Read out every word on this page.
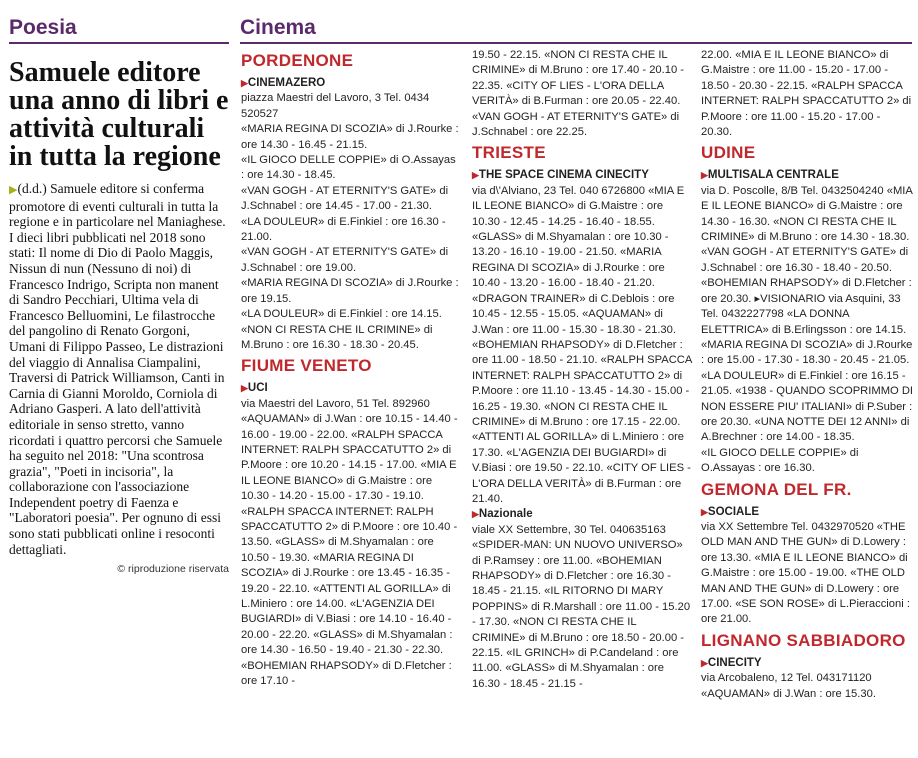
Poesia
Samuele editore una anno di libri e attività culturali in tutta la regione

▶(d.d.) Samuele editore si conferma promotore di eventi culturali in tutta la regione e in particolare nel Maniaghese. I dieci libri pubblicati nel 2018 sono stati: Il nome di Dio di Paolo Maggis, Nissun di nun (Nessuno di noi) di Francesco Indrigo, Scripta non manent di Sandro Pecchiari, Ultima vela di Francesco Belluomini, Le filastrocche del pangolino di Renato Gorgoni, Umani di Filippo Passeo, Le distrazioni del viaggio di Annalisa Ciampalini, Traversi di Patrick Williamson, Canti in Carnia di Gianni Moroldo, Corniola di Adriano Gasperi. A lato dell'attività editoriale in senso stretto, vanno ricordati i quattro percorsi che Samuele ha seguito nel 2018: "Una scontrosa grazia", "Poeti in incisoria", la collaborazione con l'associazione Independent poetry di Faenza e "Laboratori poesia". Per ognuno di essi sono stati pubblicati online i resoconti dettagliati.

© riproduzione riservata
Cinema
PORDENONE
▶CINEMAZERO

piazza Maestri del Lavoro, 3 Tel. 0434 520527

«MARIA REGINA DI SCOZIA» di J.Rourke : ore 14.30 - 16.45 - 21.15.

«IL GIOCO DELLE COPPIE» di O.Assayas : ore 14.30 - 18.45.

«VAN GOGH - AT ETERNITY'S GATE» di J.Schnabel : ore 14.45 - 17.00 - 21.30.

«LA DOULEUR» di E.Finkiel : ore 16.30 - 21.00.

«VAN GOGH - AT ETERNITY'S GATE» di J.Schnabel : ore 19.00.

«MARIA REGINA DI SCOZIA» di J.Rourke : ore 19.15.

«LA DOULEUR» di E.Finkiel : ore 14.15.

«NON CI RESTA CHE IL CRIMINE» di M.Bruno : ore 16.30 - 18.30 - 20.45.

FIUME VENETO
▶UCI

via Maestri del Lavoro, 51 Tel. 892960 «AQUAMAN» di J.Wan : ore 10.15 - 14.40 - 16.00 - 19.00 - 22.00. «RALPH SPACCA INTERNET: RALPH SPACCATUTTO 2» di P.Moore : ore 10.20 - 14.15 - 17.00. «MIA E IL LEONE BIANCO» di G.Maistre : ore 10.30 - 14.20 - 15.00 - 17.30 - 19.10. «RALPH SPACCA INTERNET: RALPH SPACCATUTTO 2» di P.Moore : ore 10.40 - 13.50. «GLASS» di M.Shyamalan : ore 10.50 - 19.30. «MARIA REGINA DI SCOZIA» di J.Rourke : ore 13.45 - 16.35 - 19.20 - 22.10. «ATTENTI AL GORILLA» di L.Miniero : ore 14.00. «L'AGENZIA DEI BUGIARDI» di V.Biasi : ore 14.10 - 16.40 - 20.00 - 22.20. «GLASS» di M.Shyamalan : ore 14.30 - 16.50 - 19.40 - 21.30 - 22.30. «BOHEMIAN RHAPSODY» di D.Fletcher : ore 17.10 -

19.50 - 22.15. «NON CI RESTA CHE IL CRIMINE» di M.Bruno : ore 17.40 - 20.10 - 22.35. «CITY OF LIES - L'ORA DELLA VERITÀ» di B.Furman : ore 20.05 - 22.40. «VAN GOGH - AT ETERNITY'S GATE» di J.Schnabel : ore 22.25.

TRIESTE
▶THE SPACE CINEMA CINECITY

via d\'Alviano, 23 Tel. 040 6726800 «MIA E IL LEONE BIANCO» di G.Maistre : ore 10.30 - 12.45 - 14.25 - 16.40 - 18.55. «GLASS» di M.Shyamalan : ore 10.30 - 13.20 - 16.10 - 19.00 - 21.50. «MARIA REGINA DI SCOZIA» di J.Rourke : ore 10.40 - 13.20 - 16.00 - 18.40 - 21.20. «DRAGON TRAINER» di C.Deblois : ore 10.45 - 12.55 - 15.05. «AQUAMAN» di J.Wan : ore 11.00 - 15.30 - 18.30 - 21.30. «BOHEMIAN RHAPSODY» di D.Fletcher : ore 11.00 - 18.50 - 21.10. «RALPH SPACCA INTERNET: RALPH SPACCATUTTO 2» di P.Moore : ore 11.10 - 13.45 - 14.30 - 15.00 - 16.25 - 19.30. «NON CI RESTA CHE IL CRIMINE» di M.Bruno : ore 17.15 - 22.00. «ATTENTI AL GORILLA» di L.Miniero : ore 17.30. «L'AGENZIA DEI BUGIARDI» di V.Biasi : ore 19.50 - 22.10. «CITY OF LIES - L'ORA DELLA VERITÀ» di B.Furman : ore 21.40.

▶Nazionale

viale XX Settembre, 30 Tel. 040635163 «SPIDER-MAN: UN NUOVO UNIVERSO» di P.Ramsey : ore 11.00. «BOHEMIAN RHAPSODY» di D.Fletcher : ore 16.30 - 18.45 - 21.15. «IL RITORNO DI MARY POPPINS» di R.Marshall : ore 11.00 - 15.20 - 17.30. «NON CI RESTA CHE IL CRIMINE» di M.Bruno : ore 18.50 - 20.00 - 22.15. «IL GRINCH» di P.Candeland : ore 11.00. «GLASS» di M.Shyamalan : ore 16.30 - 18.45 - 21.15 -

22.00. «MIA E IL LEONE BIANCO» di G.Maistre : ore 11.00 - 15.20 - 17.00 - 18.50 - 20.30 - 22.15. «RALPH SPACCA INTERNET: RALPH SPACCATUTTO 2» di P.Moore : ore 11.00 - 15.20 - 17.00 - 20.30.

UDINE
▶MULTISALA CENTRALE

via D. Poscolle, 8/B Tel. 0432504240 «MIA E IL LEONE BIANCO» di G.Maistre : ore 14.30 - 16.30. «NON CI RESTA CHE IL CRIMINE» di M.Bruno : ore 14.30 - 18.30. «VAN GOGH - AT ETERNITY'S GATE» di J.Schnabel : ore 16.30 - 18.40 - 20.50. «BOHEMIAN RHAPSODY» di D.Fletcher : ore 20.30. ▸VISIONARIO via Asquini, 33 Tel. 0432227798 «LA DONNA ELETTRICA» di B.Erlingsson : ore 14.15. «MARIA REGINA DI SCOZIA» di J.Rourke : ore 15.00 - 17.30 - 18.30 - 20.45 - 21.05. «LA DOULEUR» di E.Finkiel : ore 16.15 - 21.05. «1938 - QUANDO SCOPRIMMO DI NON ESSERE PIU' ITALIANI» di P.Suber : ore 20.30. «UNA NOTTE DEI 12 ANNI» di A.Brechner : ore 14.00 - 18.35.

«IL GIOCO DELLE COPPIE» di O.Assayas : ore 16.30.

GEMONA DEL FR.
▶SOCIALE

via XX Settembre Tel. 0432970520 «THE OLD MAN AND THE GUN» di D.Lowery : ore 13.30. «MIA E IL LEONE BIANCO» di G.Maistre : ore 15.00 - 19.00. «THE OLD MAN AND THE GUN» di D.Lowery : ore 17.00. «SE SON ROSE» di L.Pieraccioni : ore 21.00.

LIGNANO SABBIADORO
▶CINECITY

via Arcobaleno, 12 Tel. 043171120 «AQUAMAN» di J.Wan : ore 15.30.
